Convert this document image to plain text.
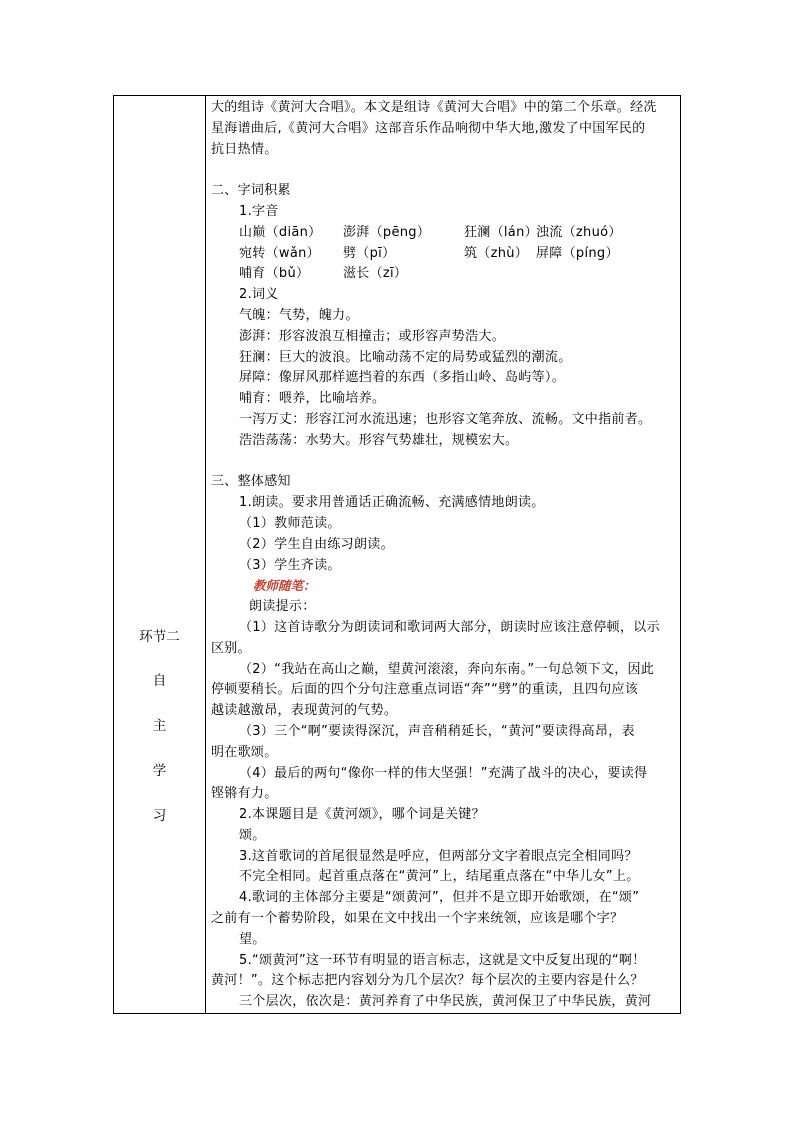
环节二
自
主
学
习

大的组诗《黄河大合唱》。本文是组诗《黄河大合唱》中的第二个乐章。经冼
星海谱曲后,《黄河大合唱》这部音乐作品响彻中华大地,激发了中国军民的
抗日热情。
二、字词积累
1.字音
山巅（diān） 澎湃（pēng）	狂澜（lán）浊流（zhuó）
宛转（wǎn） 劈（pī）	筑（zhù） 屏障（píng）
哺育（bǔ）	滋长（zī）
2.词义
气魄：气势，魄力。
澎湃：形容波浪互相撞击；或形容声势浩大。
狂澜：巨大的波浪。比喻动荡不定的局势或猛烈的潮流。
屏障：像屏风那样遮挡着的东西（多指山岭、岛屿等）。
哺育：喂养，比喻培养。
一泻万丈：形容江河水流迅速；也形容文笔奔放、流畅。文中指前者。
浩浩荡荡：水势大。形容气势雄壮，规模宏大。
三、整体感知
1.朗读。要求用普通话正确流畅、充满感情地朗读。
（1）教师范读。
（2）学生自由练习朗读。
（3）学生齐读。
教师随笔：
朗读提示：
（1）这首诗歌分为朗读词和歌词两大部分，朗读时应该注意停顿，以示
区别。
（2）“我站在高山之巅，望黄河滚滚，奔向东南。”一句总领下文，因此
停顿要稍长。后面的四个分句注意重点词语“奔”“劈”的重读，且四句应该
越读越激昂，表现黄河的气势。
（3）三个“啊”要读得深沉，声音稍稍延长，“黄河”要读得高昂，表
明在歌颂。
（4）最后的两句“像你一样的伟大坚强！”充满了战斗的决心，要读得
铿锵有力。
2.本课题目是《黄河颂》，哪个词是关键？
颂。
3.这首歌词的首尾很显然是呼应，但两部分文字着眼点完全相同吗？
不完全相同。起首重点落在“黄河”上，结尾重点落在“中华儿女”上。
4.歌词的主体部分主要是“颂黄河”，但并不是立即开始歌颂，在“颂”
之前有一个蓄势阶段，如果在文中找出一个字来统领，应该是哪个字？
望。
5.“颂黄河”这一环节有明显的语言标志，这就是文中反复出现的“啊！
黄河！”。这个标志把内容划分为几个层次？每个层次的主要内容是什么？
三个层次，依次是：黄河养育了中华民族，黄河保卫了中华民族，黄河
